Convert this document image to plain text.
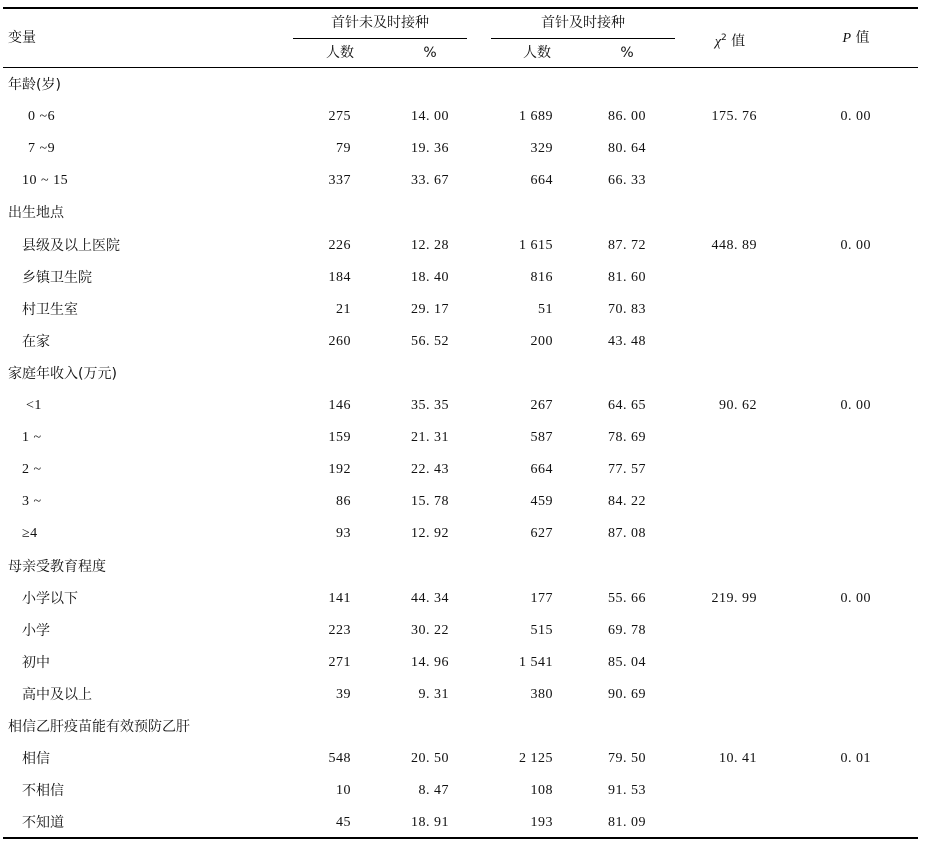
变量
首针未及时接种	首针及时接种
人数	%	人数	%
$\chi^2$ 值	P 值
年龄(岁)
0 ~6	275	14. 00	1 689	86. 00	175. 76	0. 00
7 ~9	79	19. 36	329	80. 64
10 ~ 15	337	33. 67	664	66. 33
出生地点
县级及以上医院	226	12. 28	1 615	87. 72	448. 89	0. 00
乡镇卫生院	184	18. 40	816	81. 60
村卫生室	21	29. 17	51	70. 83
在家	260	56. 52	200	43. 48
家庭年收入(万元)
<1	146	35. 35	267	64. 65	90. 62	0. 00
1 ~	159	21. 31	587	78. 69
2 ~	192	22. 43	664	77. 57
3 ~	86	15. 78	459	84. 22
≥4	93	12. 92	627	87. 08
母亲受教育程度
小学以下	141	44. 34	177	55. 66	219. 99	0. 00
小学	223	30. 22	515	69. 78
初中	271	14. 96	1 541	85. 04
高中及以上	39	9. 31	380	90. 69
相信乙肝疫苗能有效预防乙肝
相信	548	20. 50	2 125	79. 50	10. 41	0. 01
不相信	10	8. 47	108	91. 53
不知道	45	18. 91	193	81. 09
